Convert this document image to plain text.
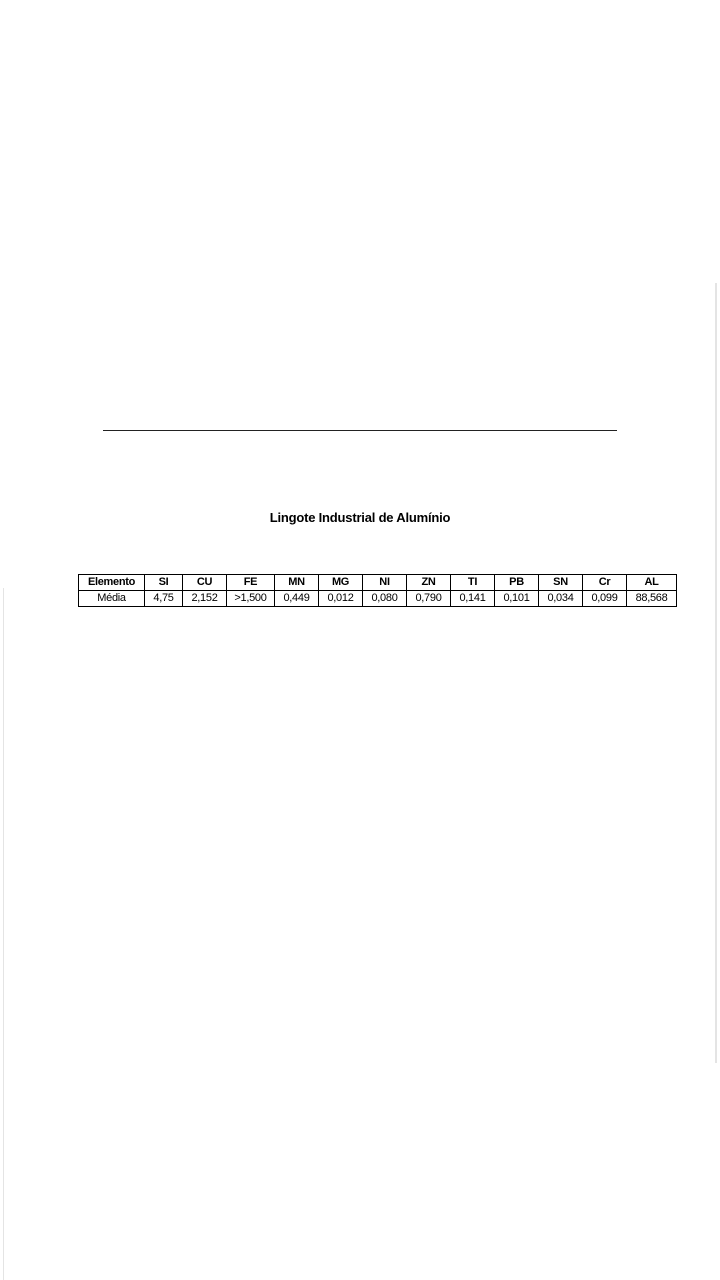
Lingote Industrial de Alumínio
Elemento	SI	CU	FE	MN	MG	NI	ZN	TI	PB	SN	Cr	AL
Média	4,75	2,152	>1,500	0,449	0,012	0,080	0,790	0,141	0,101	0,034	0,099	88,568
